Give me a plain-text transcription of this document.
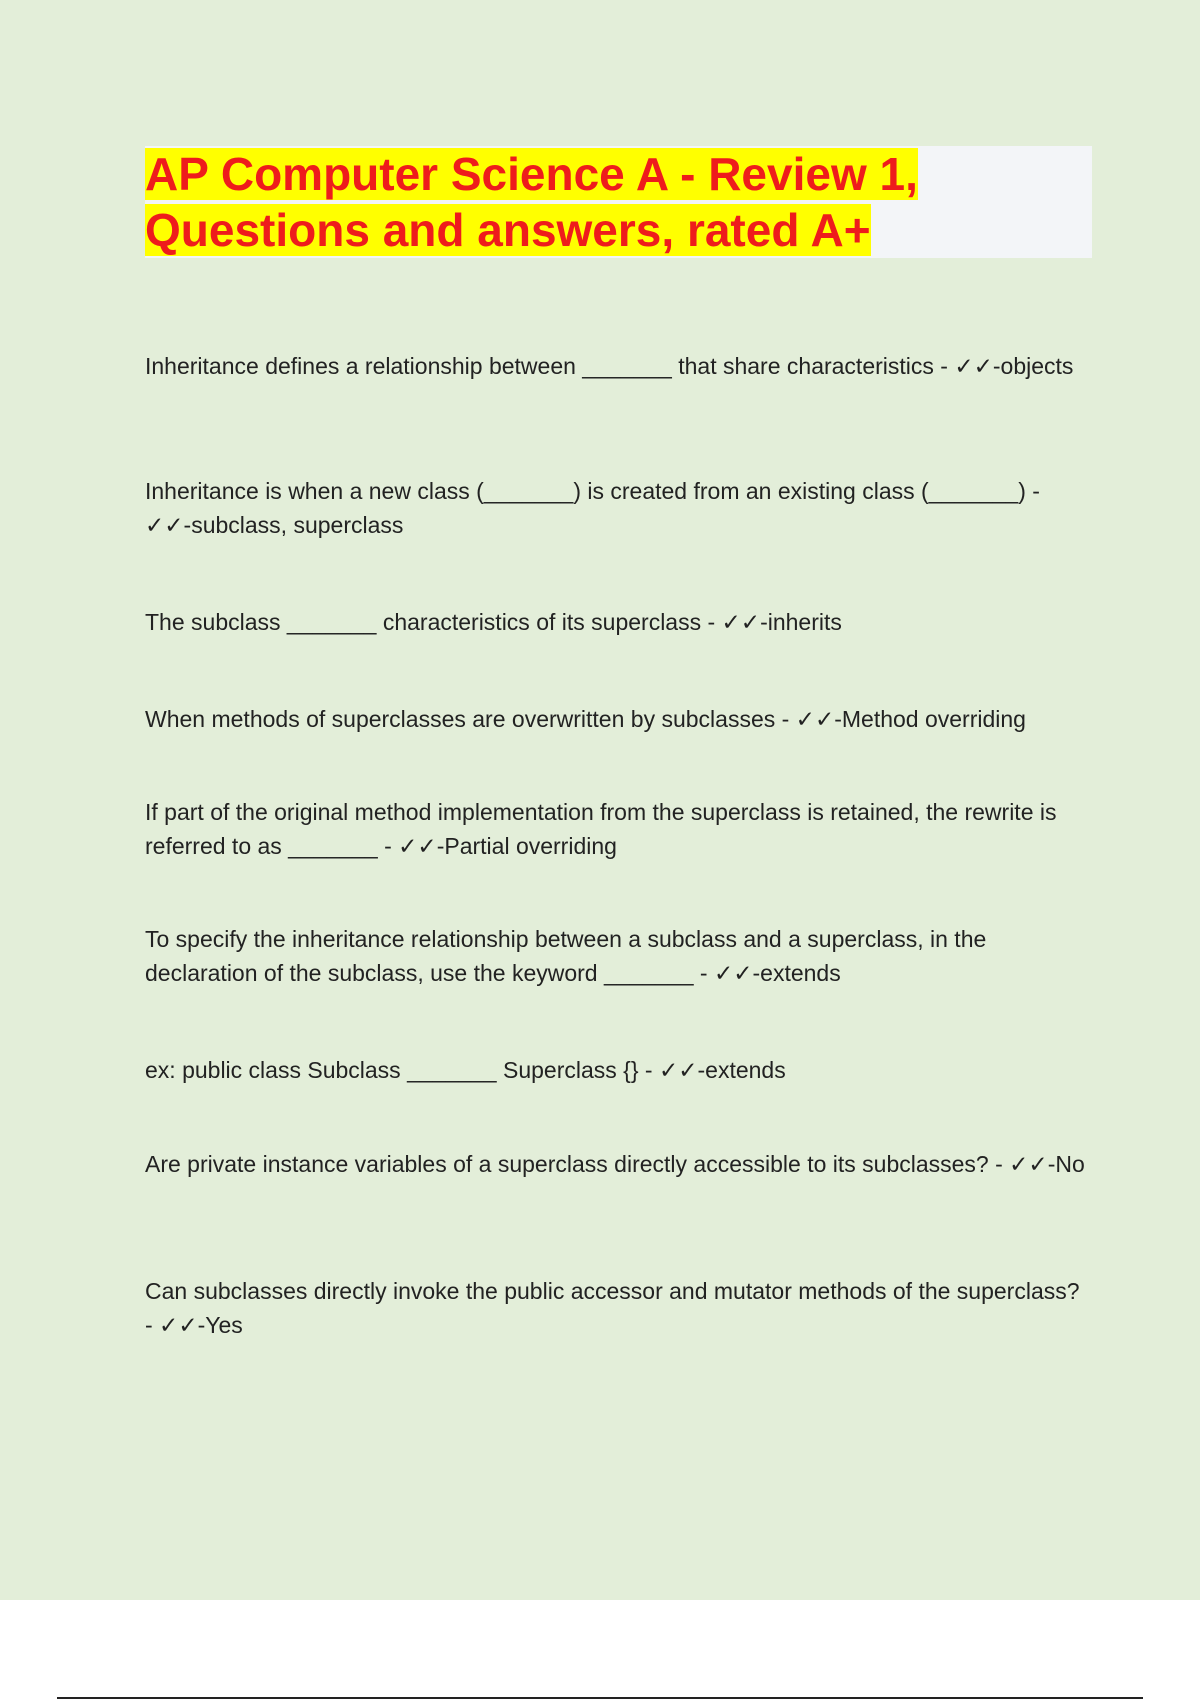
AP Computer Science A - Review 1,
Questions and answers, rated A+

Inheritance defines a relationship between _______ that share characteristics - ✓✓-objects

Inheritance is when a new class (_______) is created from an existing class (_______) - ✓✓-subclass, superclass

The subclass _______ characteristics of its superclass - ✓✓-inherits

When methods of superclasses are overwritten by subclasses - ✓✓-Method overriding

If part of the original method implementation from the superclass is retained, the rewrite is referred to as _______ - ✓✓-Partial overriding

To specify the inheritance relationship between a subclass and a superclass, in the declaration of the subclass, use the keyword _______ - ✓✓-extends

ex: public class Subclass _______ Superclass {} - ✓✓-extends

Are private instance variables of a superclass directly accessible to its subclasses? - ✓✓-No

Can subclasses directly invoke the public accessor and mutator methods of the superclass? - ✓✓-Yes
